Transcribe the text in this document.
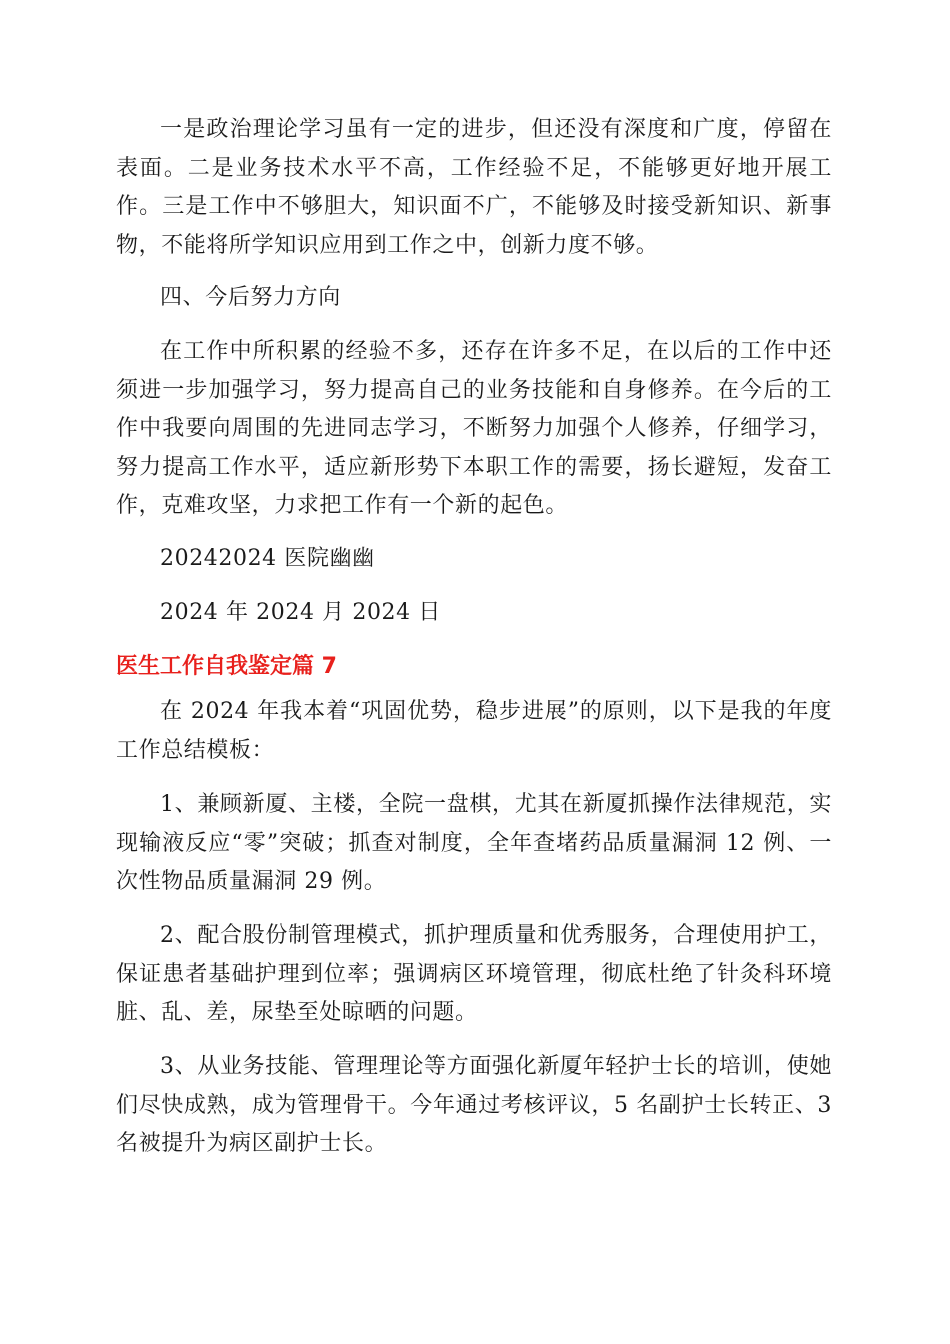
一是政治理论学习虽有一定的进步，但还没有深度和广度，停留在表面。二是业务技术水平不高，工作经验不足，不能够更好地开展工作。三是工作中不够胆大，知识面不广，不能够及时接受新知识、新事物，不能将所学知识应用到工作之中，创新力度不够。

四、今后努力方向

在工作中所积累的经验不多，还存在许多不足，在以后的工作中还须进一步加强学习，努力提高自己的业务技能和自身修养。在今后的工作中我要向周围的先进同志学习，不断努力加强个人修养，仔细学习，努力提高工作水平，适应新形势下本职工作的需要，扬长避短，发奋工作，克难攻坚，力求把工作有一个新的起色。

20242024 医院幽幽

2024 年 2024 月 2024 日

医生工作自我鉴定篇 7

在 2024 年我本着“巩固优势，稳步进展”的原则，以下是我的年度工作总结模板：

1、兼顾新厦、主楼，全院一盘棋，尤其在新厦抓操作法律规范，实现输液反应“零”突破；抓查对制度，全年查堵药品质量漏洞 12 例、一次性物品质量漏洞 29 例。

2、配合股份制管理模式，抓护理质量和优秀服务，合理使用护工，保证患者基础护理到位率；强调病区环境管理，彻底杜绝了针灸科环境脏、乱、差，尿垫至处晾晒的问题。

3、从业务技能、管理理论等方面强化新厦年轻护士长的培训，使她们尽快成熟，成为管理骨干。今年通过考核评议，5 名副护士长转正、3 名被提升为病区副护士长。
